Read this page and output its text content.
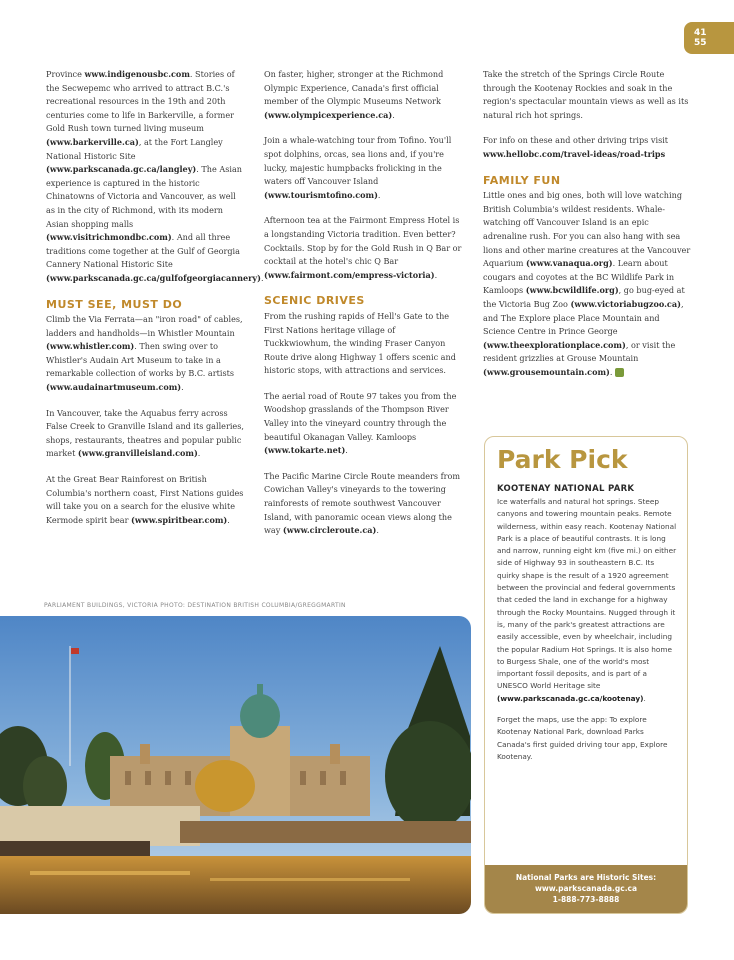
41
55

Province www.indigenousbc.com. Stories of the Secwepemc who arrived to attract B.C.'s recreational resources in the 19th and 20th centuries come to life in Barkerville, a former Gold Rush town turned living museum (www.barkerville.ca), at the Fort Langley National Historic Site (www.parkscanada.gc.ca/langley). The Asian experience is captured in the historic Chinatowns of Victoria and Vancouver, as well as in the city of Richmond, with its modern Asian shopping malls (www.visitrichmondbc.com). And all three traditions come together at the Gulf of Georgia Cannery National Historic Site (www.parkscanada.gc.ca/gulfofgeorgiacannery).

MUST SEE, MUST DO

Climb the Via Ferrata—an "iron road" of cables, ladders and handholds—in Whistler Mountain (www.whistler.com). Then swing over to Whistler's Audain Art Museum to take in a remarkable collection of works by B.C. artists (www.audainartmuseum.com).

In Vancouver, take the Aquabus ferry across False Creek to Granville Island and its galleries, shops, restaurants, theatres and popular public market (www.granvilleisland.com).

At the Great Bear Rainforest on British Columbia's northern coast, First Nations guides will take you on a search for the elusive white Kermode spirit bear (www.spiritbear.com).

On faster, higher, stronger at the Richmond Olympic Experience, Canada's first official member of the Olympic Museums Network (www.olympicexperience.ca).

Join a whale-watching tour from Tofino. You'll spot dolphins, orcas, sea lions and, if you're lucky, majestic humpbacks frolicking in the waters off Vancouver Island (www.tourismtofino.com).

Afternoon tea at the Fairmont Empress Hotel is a longstanding Victoria tradition. Even better? Cocktails. Stop by for the Gold Rush in Q Bar or cocktail at the hotel's chic Q Bar (www.fairmont.com/empress-victoria).

SCENIC DRIVES

From the rushing rapids of Hell's Gate to the First Nations heritage village of Tuckkwiowhum, the winding Fraser Canyon Route drive along Highway 1 offers scenic and historic stops, with attractions and services.

The aerial road of Route 97 takes you from the Woodshop grasslands of the Thompson River Valley into the vineyard country through the beautiful Okanagan Valley. Kamloops (www.tokarte.net).

The Pacific Marine Circle Route meanders from Cowichan Valley's vineyards to the towering rainforests of remote southwest Vancouver Island, with panoramic ocean views along the way (www.circleroute.ca).

Take the stretch of the Springs Circle Route through the Kootenay Rockies and soak in the region's spectacular mountain views as well as its natural rich hot springs.

For info on these and other driving trips visit www.hellobc.com/travel-ideas/road-trips

FAMILY FUN

Little ones and big ones, both will love watching British Columbia's wildest residents. Whale-watching off Vancouver Island is an epic adrenaline rush. For you can also hang with sea lions and other marine creatures at the Vancouver Aquarium (www.vanaqua.org). Learn about cougars and coyotes at the BC Wildlife Park in Kamloops (www.bcwildlife.org), go bug-eyed at the Victoria Bug Zoo (www.victoriabugzoo.ca), and The Explore place Place Mountain and Science Centre in Prince George (www.theexplorationplace.com), or visit the resident grizzlies at Grouse Mountain (www.grousemountain.com).

PARLIAMENT BUILDINGS, VICTORIA PHOTO: DESTINATION BRITISH COLUMBIA/GREGGMARTIN
Park Pick
KOOTENAY NATIONAL PARK

Ice waterfalls and natural hot springs. Steep canyons and towering mountain peaks. Remote wilderness, within easy reach. Kootenay National Park is a place of beautiful contrasts. It is long and narrow, running eight km (five mi.) on either side of Highway 93 in southeastern B.C. Its quirky shape is the result of a 1920 agreement between the provincial and federal governments that ceded the land in exchange for a highway through the Rocky Mountains. Nugged through it is, many of the park's greatest attractions are easily accessible, even by wheelchair, including the popular Radium Hot Springs. It is also home to Burgess Shale, one of the world's most important fossil deposits, and is part of a UNESCO World Heritage site (www.parkscanada.gc.ca/kootenay).

Forget the maps, use the app: To explore Kootenay National Park, download Parks Canada's first guided driving tour app, Explore Kootenay.

National Parks are Historic Sites:
www.parkscanada.gc.ca
1-888-773-8888
